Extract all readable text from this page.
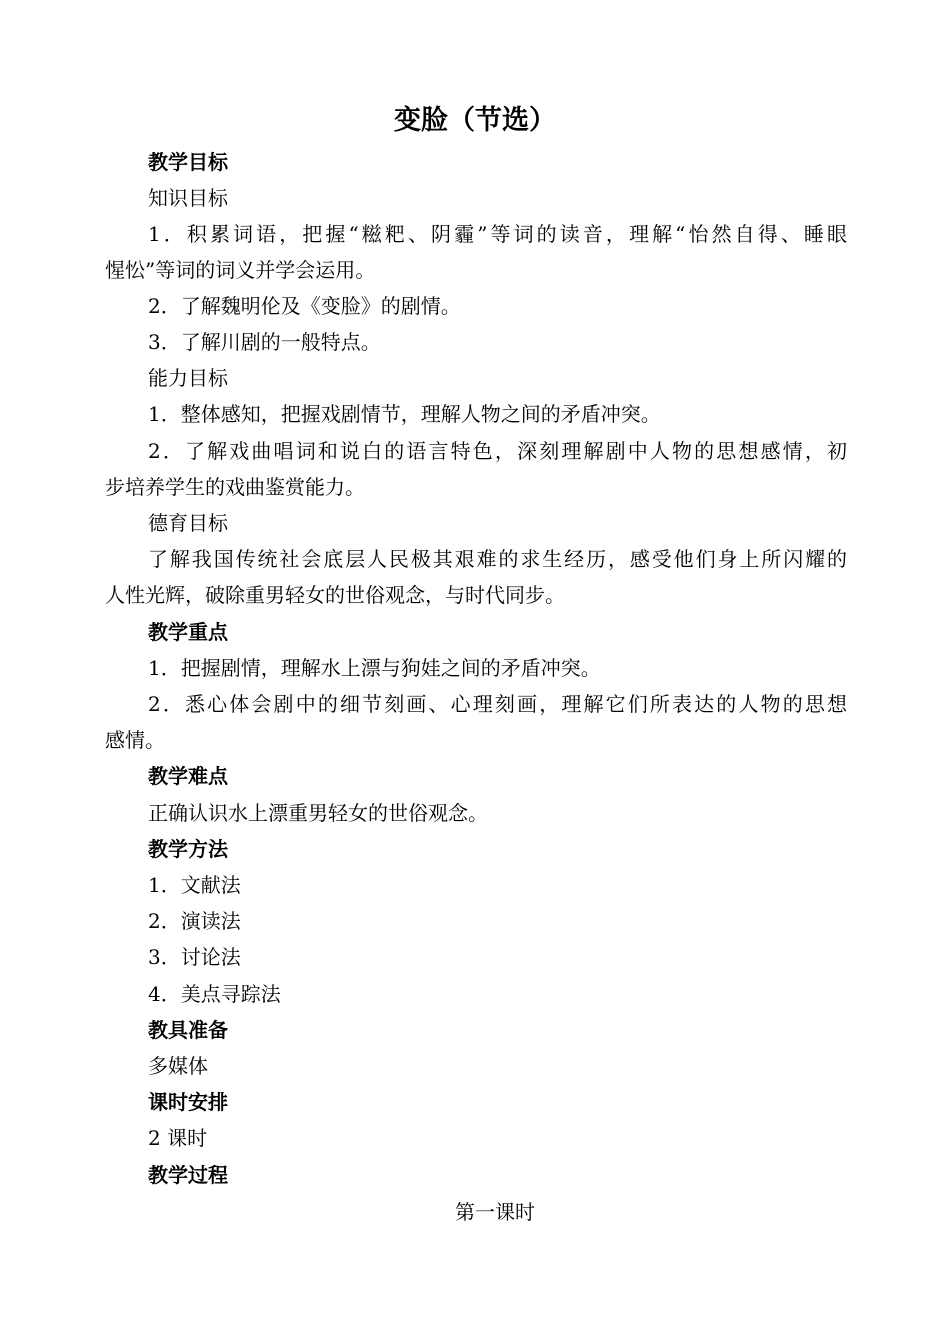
变脸（节选）
教学目标
知识目标
1．积累词语，把握“糍粑、阴霾”等词的读音，理解“怡然自得、睡眼
惺忪”等词的词义并学会运用。
2．了解魏明伦及《变脸》的剧情。
3．了解川剧的一般特点。
能力目标
1．整体感知，把握戏剧情节，理解人物之间的矛盾冲突。
2．了解戏曲唱词和说白的语言特色，深刻理解剧中人物的思想感情，初
步培养学生的戏曲鉴赏能力。
德育目标
了解我国传统社会底层人民极其艰难的求生经历，感受他们身上所闪耀的
人性光辉，破除重男轻女的世俗观念，与时代同步。
教学重点
1．把握剧情，理解水上漂与狗娃之间的矛盾冲突。
2．悉心体会剧中的细节刻画、心理刻画，理解它们所表达的人物的思想
感情。
教学难点
正确认识水上漂重男轻女的世俗观念。
教学方法
1．文献法
2．演读法
3．讨论法
4．美点寻踪法
教具准备
多媒体
课时安排
2 课时
教学过程
第一课时
